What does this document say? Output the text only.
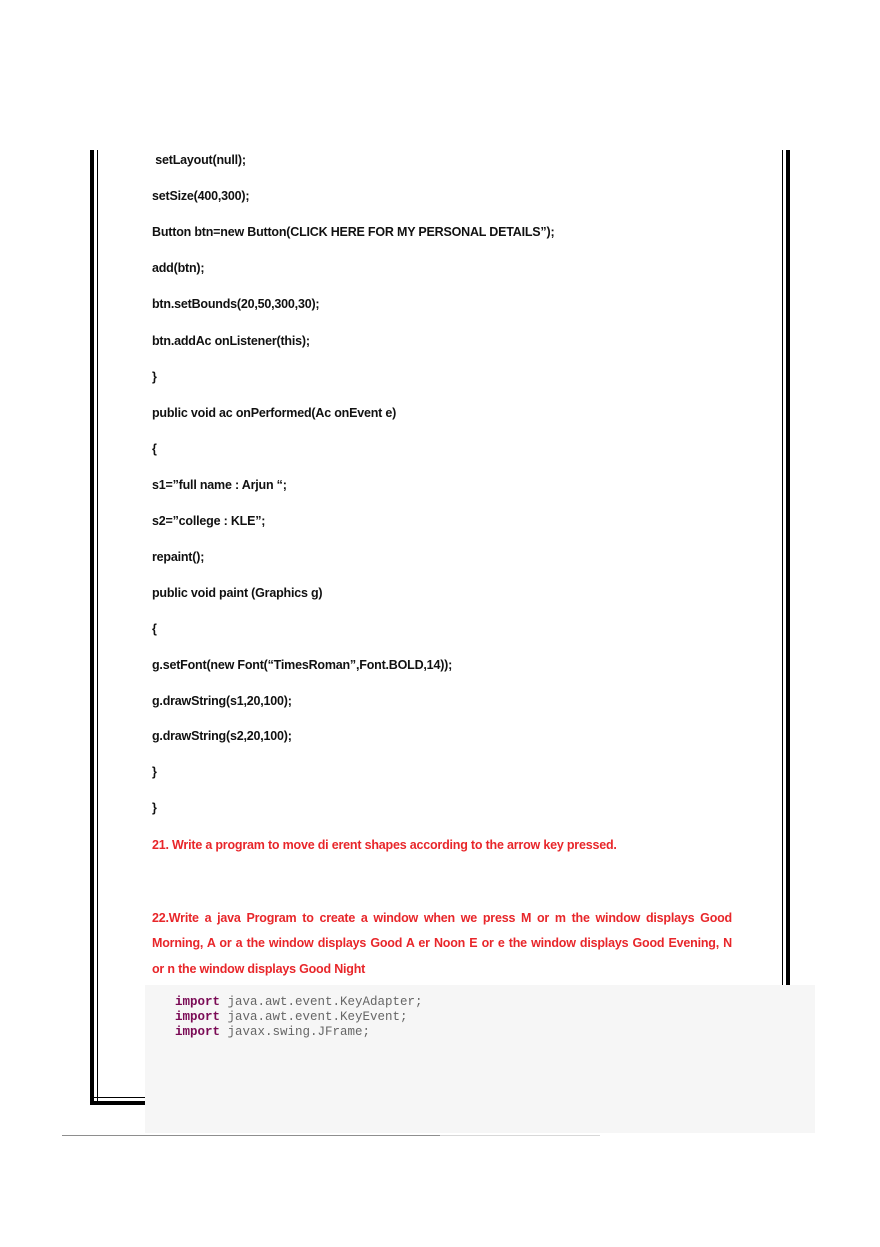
setLayout(null);
setSize(400,300);
Button btn=new Button(CLICK HERE FOR MY PERSONAL DETAILS”);
add(btn);
btn.setBounds(20,50,300,30);
btn.addAc onListener(this);
}
public void ac onPerformed(Ac onEvent e)
{
s1=”full name : Arjun “;
s2=”college : KLE”;
repaint();
public void paint (Graphics g)
{
g.setFont(new Font(“TimesRoman”,Font.BOLD,14));
g.drawString(s1,20,100);
g.drawString(s2,20,100);
}
}
21. Write a program to move di erent shapes according to the arrow key pressed.
22.Write a java Program to create a window when we press M or m the window displays Good
Morning, A or a the window displays Good A er Noon E or e the window displays Good Evening, N
or n the window displays Good Night
import java.awt.event.KeyAdapter;
import java.awt.event.KeyEvent;
import javax.swing.JFrame;
